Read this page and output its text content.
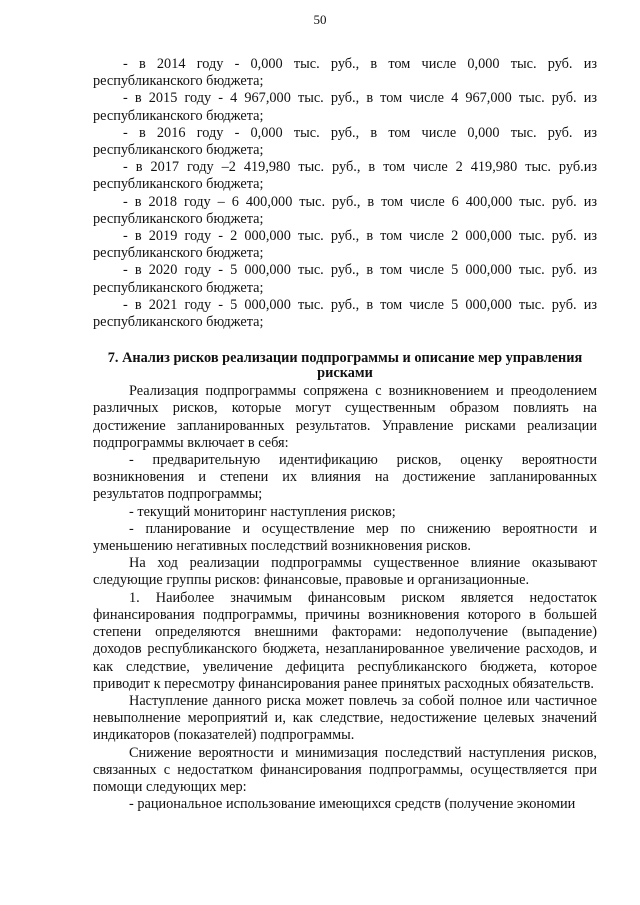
50

- в 2014 году - 0,000 тыс. руб., в том числе 0,000 тыс. руб. из республиканского бюджета;

- в 2015 году - 4 967,000 тыс. руб., в том числе 4 967,000 тыс. руб. из республиканского бюджета;

- в 2016 году - 0,000 тыс. руб., в том числе 0,000 тыс. руб. из республиканского бюджета;

- в 2017 году –2 419,980 тыс. руб., в том числе 2 419,980 тыс. руб.из республиканского бюджета;

- в 2018 году – 6 400,000 тыс. руб., в том числе 6 400,000 тыс. руб. из республиканского бюджета;

- в 2019 году - 2 000,000 тыс. руб., в том числе 2 000,000 тыс. руб. из республиканского бюджета;

- в 2020 году - 5 000,000 тыс. руб., в том числе 5 000,000 тыс. руб. из республиканского бюджета;

- в 2021 году - 5 000,000 тыс. руб., в том числе 5 000,000 тыс. руб. из республиканского бюджета;

7. Анализ рисков реализации подпрограммы и описание мер управления рисками

Реализация подпрограммы сопряжена с возникновением и преодолением различных рисков, которые могут существенным образом повлиять на достижение запланированных результатов. Управление рисками реализации подпрограммы включает в себя:

- предварительную идентификацию рисков, оценку вероятности возникновения и степени их влияния на достижение запланированных результатов подпрограммы;

- текущий мониторинг наступления рисков;

- планирование и осуществление мер по снижению вероятности и уменьшению негативных последствий возникновения рисков.

На ход реализации подпрограммы существенное влияние оказывают следующие группы рисков: финансовые, правовые и организационные.

1. Наиболее значимым финансовым риском является недостаток финансирования подпрограммы, причины возникновения которого в большей степени определяются внешними факторами: недополучение (выпадение) доходов республиканского бюджета, незапланированное увеличение расходов, и как следствие, увеличение дефицита республиканского бюджета, которое приводит к пересмотру финансирования ранее принятых расходных обязательств.

Наступление данного риска может повлечь за собой полное или частичное невыполнение мероприятий и, как следствие, недостижение целевых значений индикаторов (показателей) подпрограммы.

Снижение вероятности и минимизация последствий наступления рисков, связанных с недостатком финансирования подпрограммы, осуществляется при помощи следующих мер:

- рациональное использование имеющихся средств (получение экономии
